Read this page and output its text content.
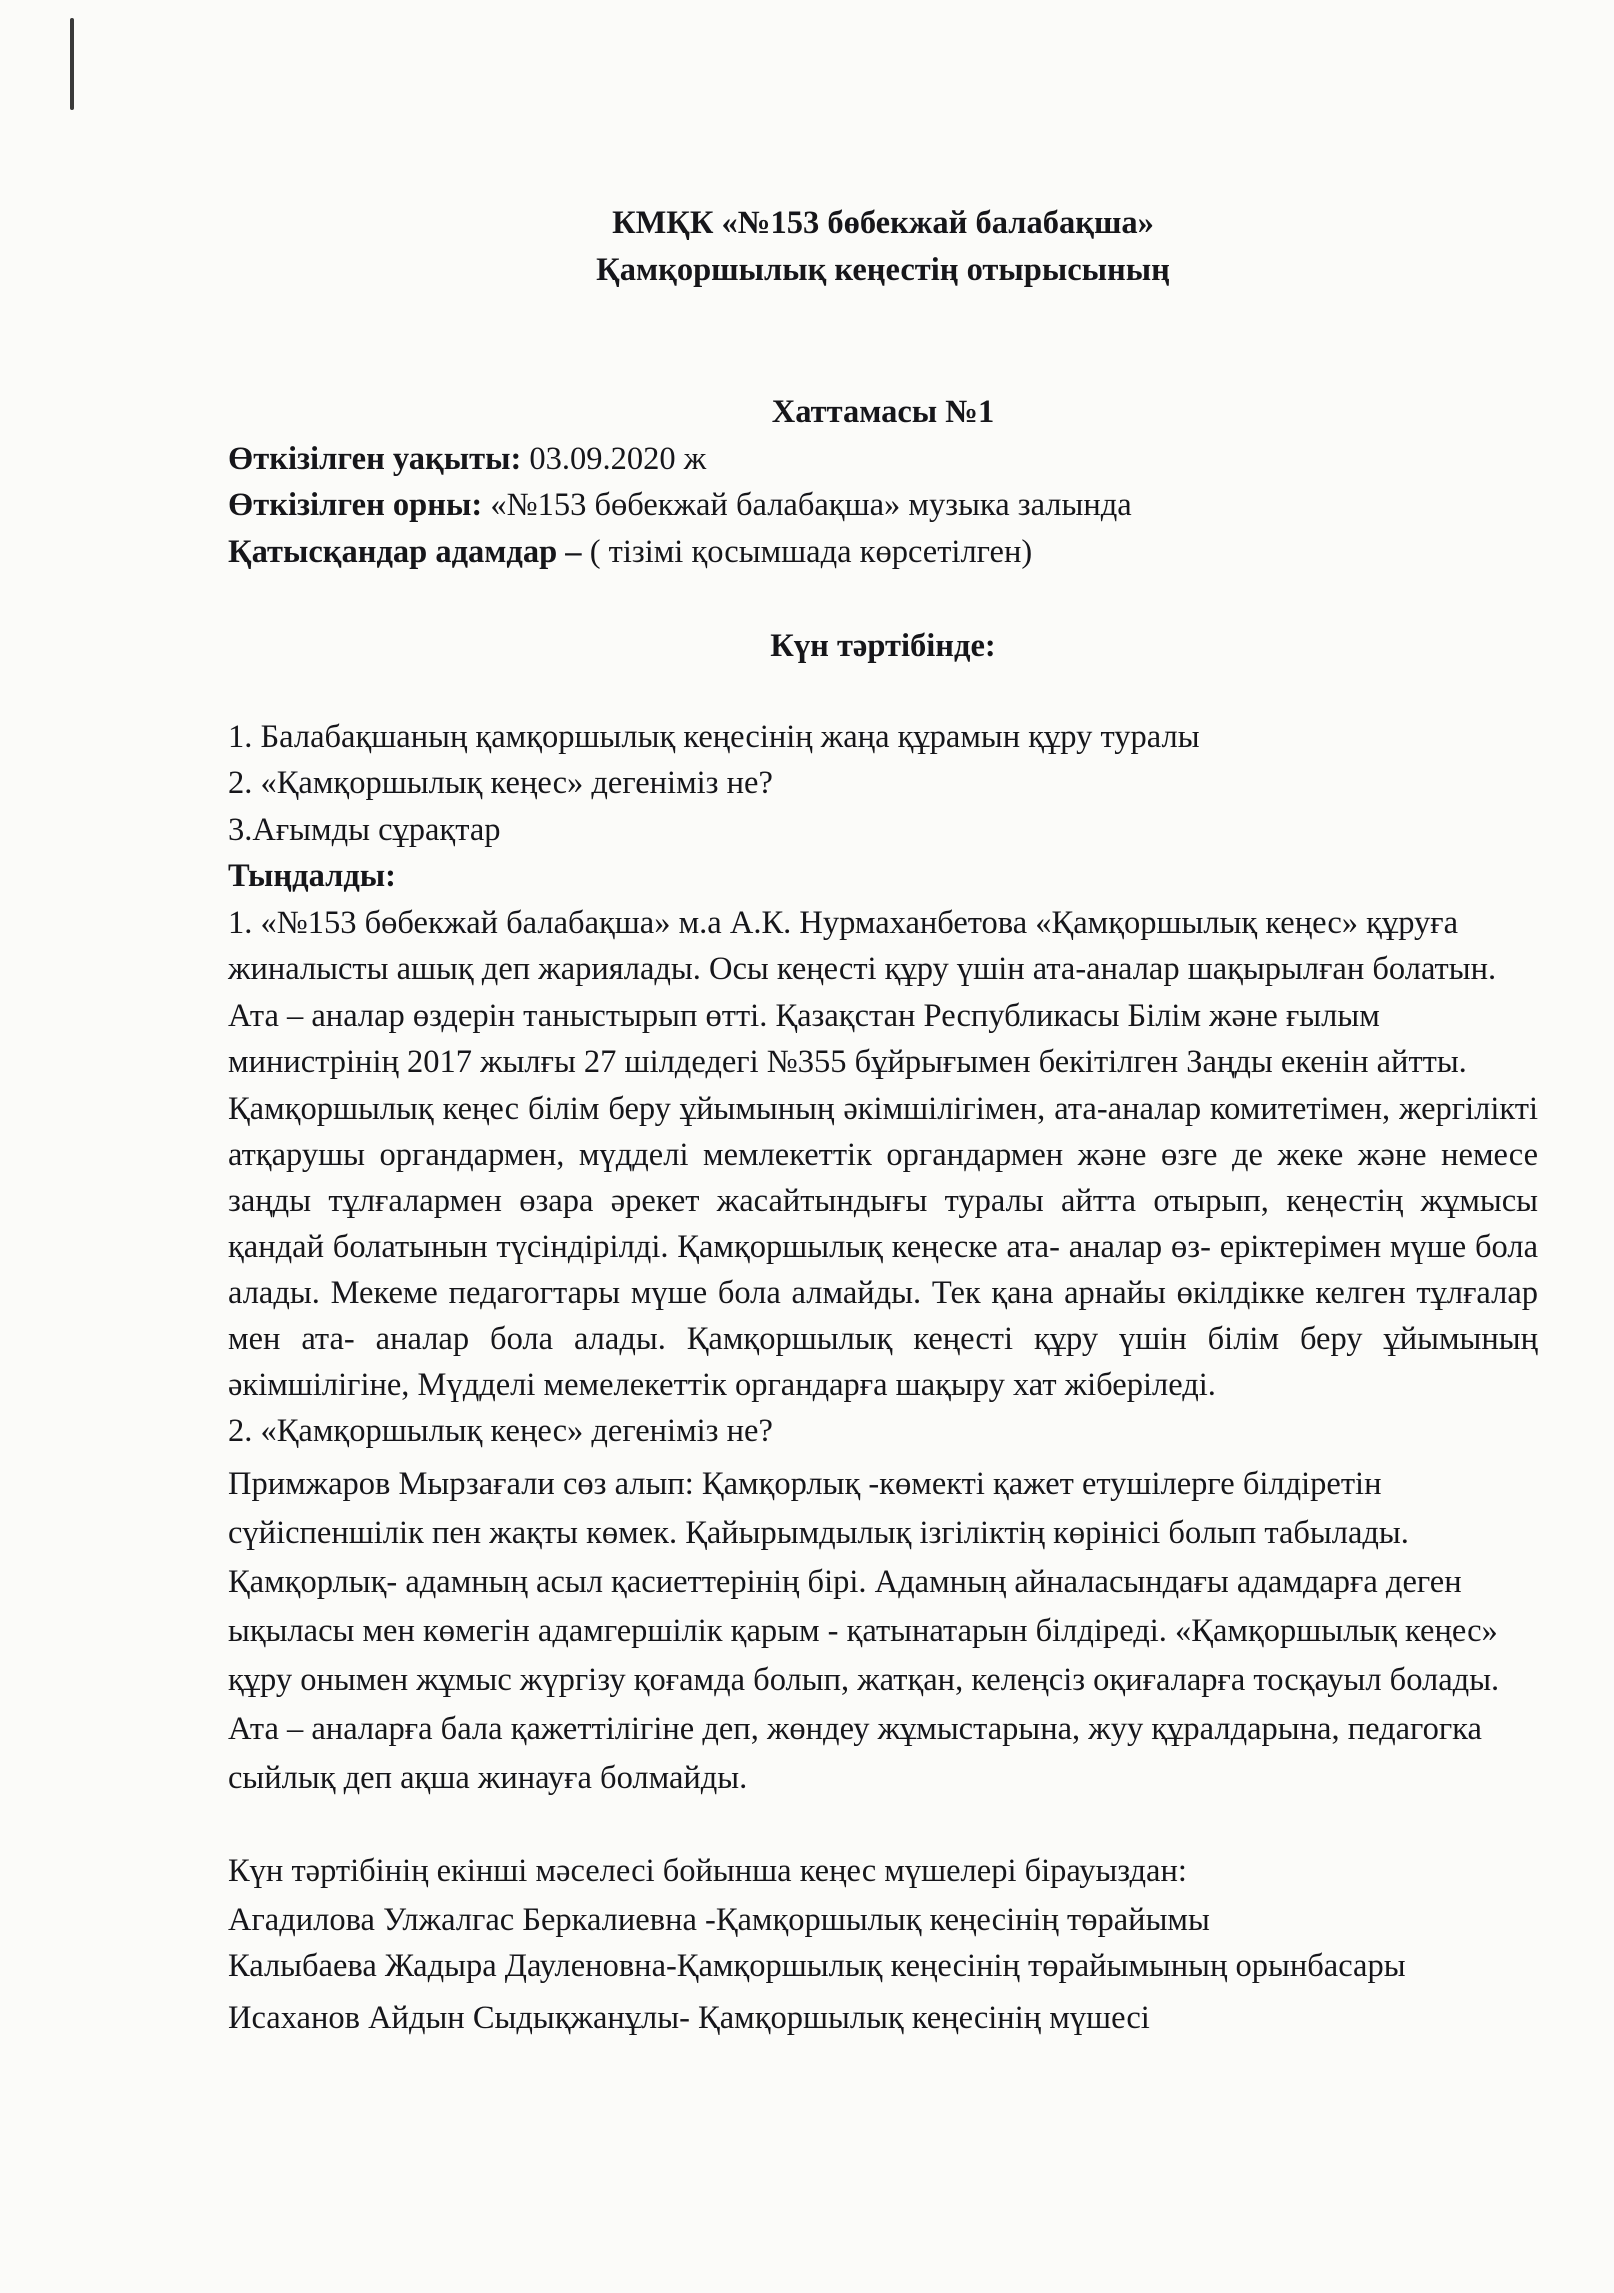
КМҚК «№153 бөбекжай балабақша»

Қамқоршылық кеңестің отырысының

Хаттамасы №1

Өткізілген уақыты: 03.09.2020 ж

Өткізілген орны: «№153 бөбекжай балабақша» музыка залында

Қатысқандар адамдар – ( тізімі қосымшада көрсетілген)

Күн тәртібінде:

1. Балабақшаның қамқоршылық кеңесінің жаңа құрамын құру туралы

2. «Қамқоршылық кеңес» дегеніміз не?

3.Ағымды сұрақтар

Тыңдалды:

1. «№153 бөбекжай балабақша» м.а А.К. Нурмаханбетова «Қамқоршылық кеңес» құруға жиналысты ашық деп жариялады. Осы кеңесті құру үшін ата-аналар шақырылған болатын. Ата – аналар өздерін таныстырып өтті. Қазақстан Республикасы Білім және ғылым министрінің 2017 жылғы 27 шілдедегі №355 бұйрығымен бекітілген Заңды екенін айтты.

Қамқоршылық кеңес білім беру ұйымының әкімшілігімен, ата-аналар комитетімен, жергілікті атқарушы органдармен, мүдделі мемлекеттік органдармен және өзге де жеке және немесе заңды тұлғалармен өзара әрекет жасайтындығы туралы айтта отырып, кеңестің жұмысы қандай болатынын түсіндірілді. Қамқоршылық кеңеске ата- аналар өз- еріктерімен мүше бола алады. Мекеме педагогтары мүше бола алмайды. Тек қана арнайы өкілдікке келген тұлғалар мен ата- аналар бола алады. Қамқоршылық кеңесті құру үшін білім беру ұйымының әкімшілігіне, Мүдделі мемелекеттік органдарға шақыру хат жіберіледі.

2. «Қамқоршылық кеңес» дегеніміз не?

Примжаров Мырзағали сөз алып: Қамқорлық -көмекті қажет етушілерге білдіретін сүйіспеншілік пен жақты көмек. Қайырымдылық ізгіліктің көрінісі болып табылады. Қамқорлық- адамның асыл қасиеттерінің бірі. Адамның айналасындағы адамдарға деген ықыласы мен көмегін адамгершілік қарым - қатынатарын білдіреді. «Қамқоршылық кеңес» құру онымен жұмыс жүргізу қоғамда болып, жатқан, келеңсіз оқиғаларға тосқауыл болады. Ата – аналарға бала қажеттілігіне деп, жөндеу жұмыстарына, жуу құралдарына, педагогка сыйлық деп ақша жинауға болмайды.

Күн тәртібінің екінші мәселесі бойынша кеңес мүшелері бірауыздан:

Агадилова Улжалгас Беркалиевна -Қамқоршылық кеңесінің төрайымы

Калыбаева Жадыра Дауленовна-Қамқоршылық кеңесінің төрайымының орынбасары

Исаханов Айдын Сыдықжанұлы- Қамқоршылық кеңесінің мүшесі
